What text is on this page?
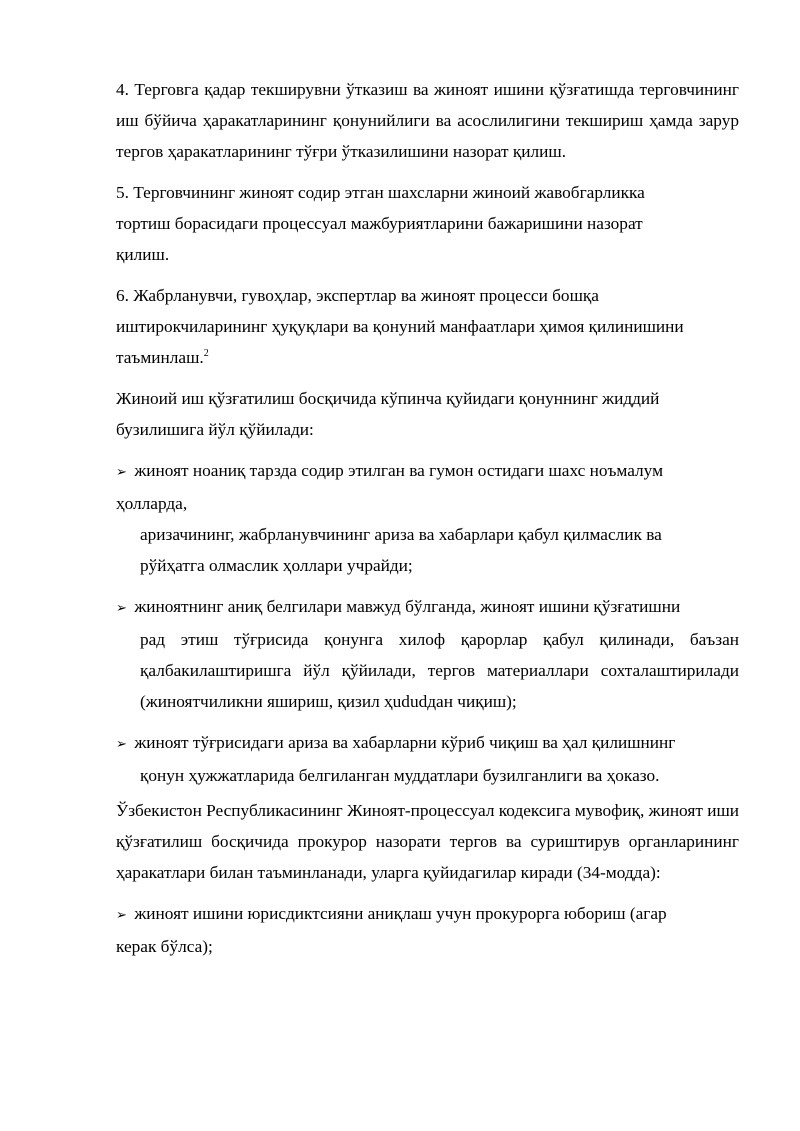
4. Терговга қадар текширувни ўтказиш ва жиноят ишини қўзғатишда терговчининг иш бўйича ҳаракатларининг қонунийлиги ва асослилигини текшириш ҳамда зарур тергов ҳаракатларининг тўғри ўтказилишини назорат қилиш.

5. Терговчининг жиноят содир этган шахсларни жиноий жавобгарликка

тортиш борасидаги процессуал мажбуриятларини бажаришини назорат

қилиш.

6. Жабрланувчи, гувоҳлар, экспертлар ва жиноят процесси бошқа

иштирокчиларининг ҳуқуқлари ва қонуний манфаатлари ҳимоя қилинишини

таъминлаш.$^2$

Жиноий иш қўзғатилиш босқичида кўпинча қуйидаги қонуннинг жиддий

бузилишига йўл қўйилади:

➢ жиноят ноаниқ тарзда содир этилган ва гумон остидаги шахс ноъмалум

ҳолларда,

аризачининг, жабрланувчининг ариза ва хабарлари қабул қилмаслик ва

рўйҳатга олмаслик ҳоллари учрайди;

➢ жиноятнинг аниқ белгилари мавжуд бўлганда, жиноят ишини қўзғатишни

рад этиш тўғрисида қонунга хилоф қарорлар қабул қилинади, баъзан қалбакилаштиришга йўл қўйилади, тергов материаллари сохталаштирилади (жиноятчиликни яшириш, қизил ҳududдан чиқиш);

➢ жиноят тўғрисидаги ариза ва хабарларни кўриб чиқиш ва ҳал қилишнинг

қонун ҳужжатларида белгиланган муддатлари бузилганлиги ва ҳоказо.

Ўзбекистон Республикасининг Жиноят-процессуал кодексига мувофиқ, жиноят иши қўзғатилиш босқичида прокурор назорати тергов ва суриштирув органларининг ҳаракатлари билан таъминланади, уларга қуйидагилар киради (34-модда):

➢ жиноят ишини юрисдиктсияни аниқлаш учун прокурорга юбориш (агар

керак бўлса);
